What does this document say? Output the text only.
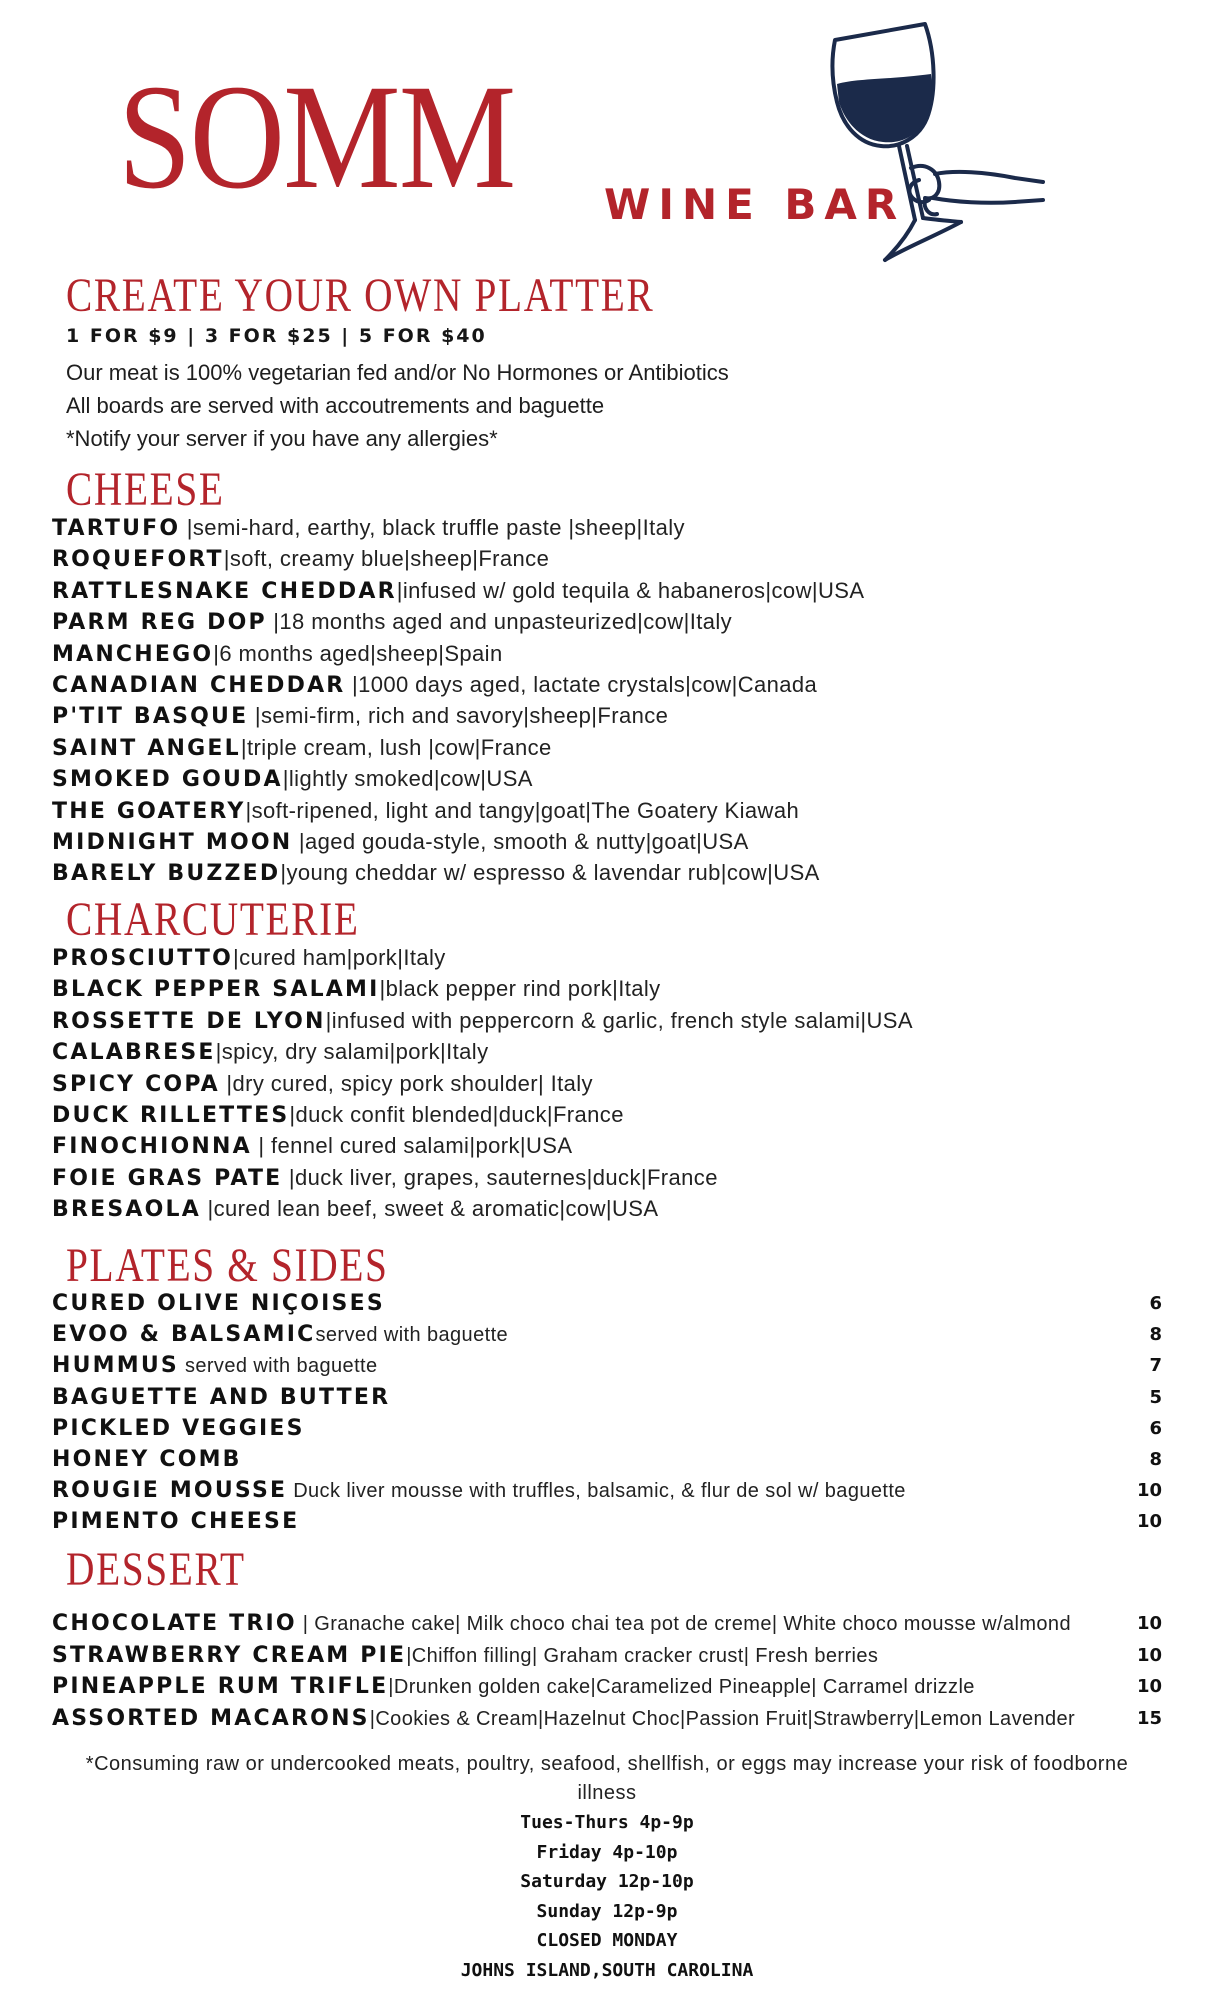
SOMM WINE BAR
CREATE YOUR OWN PLATTER
1 FOR $9 | 3 FOR $25 | 5 FOR $40
Our meat is 100% vegetarian fed and/or No Hormones or Antibiotics
All boards are served with accoutrements and baguette
*Notify your server if you have any allergies*
CHEESE
TARTUFO |semi-hard, earthy, black truffle paste |sheep|Italy
ROQUEFORT|soft, creamy blue|sheep|France
RATTLESNAKE CHEDDAR|infused w/ gold tequila & habaneros|cow|USA
PARM REG DOP |18 months aged and unpasteurized|cow|Italy
MANCHEGO|6 months aged|sheep|Spain
CANADIAN CHEDDAR |1000 days aged, lactate crystals|cow|Canada
P'TIT BASQUE |semi-firm, rich and savory|sheep|France
SAINT ANGEL|triple cream, lush |cow|France
SMOKED GOUDA|lightly smoked|cow|USA
THE GOATERY|soft-ripened, light and tangy|goat|The Goatery Kiawah
MIDNIGHT MOON |aged gouda-style, smooth & nutty|goat|USA
BARELY BUZZED|young cheddar w/ espresso & lavendar rub|cow|USA
CHARCUTERIE
PROSCIUTTO|cured ham|pork|Italy
BLACK PEPPER SALAMI|black pepper rind pork|Italy
ROSSETTE DE LYON|infused with peppercorn & garlic, french style salami|USA
CALABRESE|spicy, dry salami|pork|Italy
SPICY COPA |dry cured, spicy pork shoulder| Italy
DUCK RILLETTES|duck confit blended|duck|France
FINOCHIONNA | fennel cured salami|pork|USA
FOIE GRAS PATE |duck liver, grapes, sauternes|duck|France
BRESAOLA |cured lean beef, sweet & aromatic|cow|USA
PLATES & SIDES
CURED OLIVE NIÇOISES	6
EVOO & BALSAMICserved with baguette	8
HUMMUS served with baguette	7
BAGUETTE AND BUTTER	5
PICKLED VEGGIES	6
HONEY COMB	8
ROUGIE MOUSSE Duck liver mousse with truffles, balsamic, & flur de sol w/ baguette	10
PIMENTO CHEESE	10
DESSERT
CHOCOLATE TRIO | Granache cake| Milk choco chai tea pot de creme| White choco mousse w/almond	10
STRAWBERRY CREAM PIE|Chiffon filling| Graham cracker crust| Fresh berries	10
PINEAPPLE RUM TRIFLE|Drunken golden cake|Caramelized Pineapple| Carramel drizzle	10
ASSORTED MACARONS|Cookies & Cream|Hazelnut Choc|Passion Fruit|Strawberry|Lemon Lavender	15
*Consuming raw or undercooked meats, poultry, seafood, shellfish, or eggs may increase your risk of foodborne illness
Tues-Thurs 4p-9p
Friday 4p-10p
Saturday 12p-10p
Sunday 12p-9p
CLOSED MONDAY
JOHNS ISLAND,SOUTH CAROLINA
